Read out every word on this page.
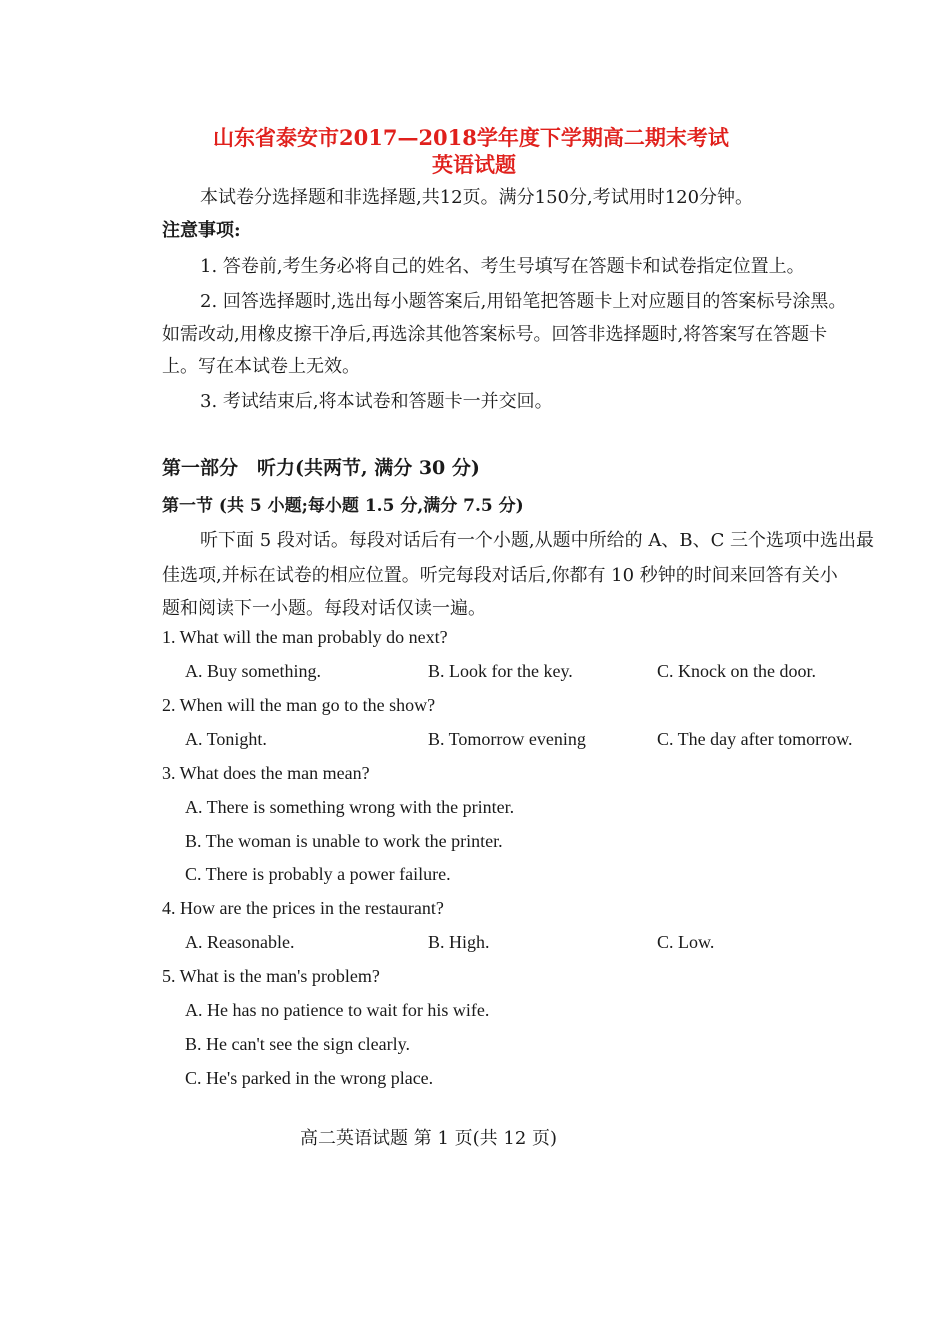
山东省泰安市2017—2018学年度下学期高二期末考试
英语试题
本试卷分选择题和非选择题,共12页。满分150分,考试用时120分钟。
注意事项:
1. 答卷前,考生务必将自己的姓名、考生号填写在答题卡和试卷指定位置上。
2. 回答选择题时,选出每小题答案后,用铅笔把答题卡上对应题目的答案标号涂黑。
如需改动,用橡皮擦干净后,再选涂其他答案标号。回答非选择题时,将答案写在答题卡
上。写在本试卷上无效。
3. 考试结束后,将本试卷和答题卡一并交回。
第一部分　听力(共两节, 满分 30 分)
第一节 (共 5 小题;每小题 1.5 分,满分 7.5 分)
听下面 5 段对话。每段对话后有一个小题,从题中所给的 A、B、C 三个选项中选出最
佳选项,并标在试卷的相应位置。听完每段对话后,你都有 10 秒钟的时间来回答有关小
题和阅读下一小题。每段对话仅读一遍。
1. What will the man probably do next?
A. Buy something.	B. Look for the key.	C. Knock on the door.
2. When will the man go to the show?
A. Tonight.	B. Tomorrow evening	C. The day after tomorrow.
3. What does the man mean?
A. There is something wrong with the printer.
B. The woman is unable to work the printer.
C. There is probably a power failure.
4. How are the prices in the restaurant?
A. Reasonable.	B. High.	C. Low.
5. What is the man's problem?
A. He has no patience to wait for his wife.
B. He can't see the sign clearly.
C. He's parked in the wrong place.
高二英语试题 第 1 页(共 12 页)
